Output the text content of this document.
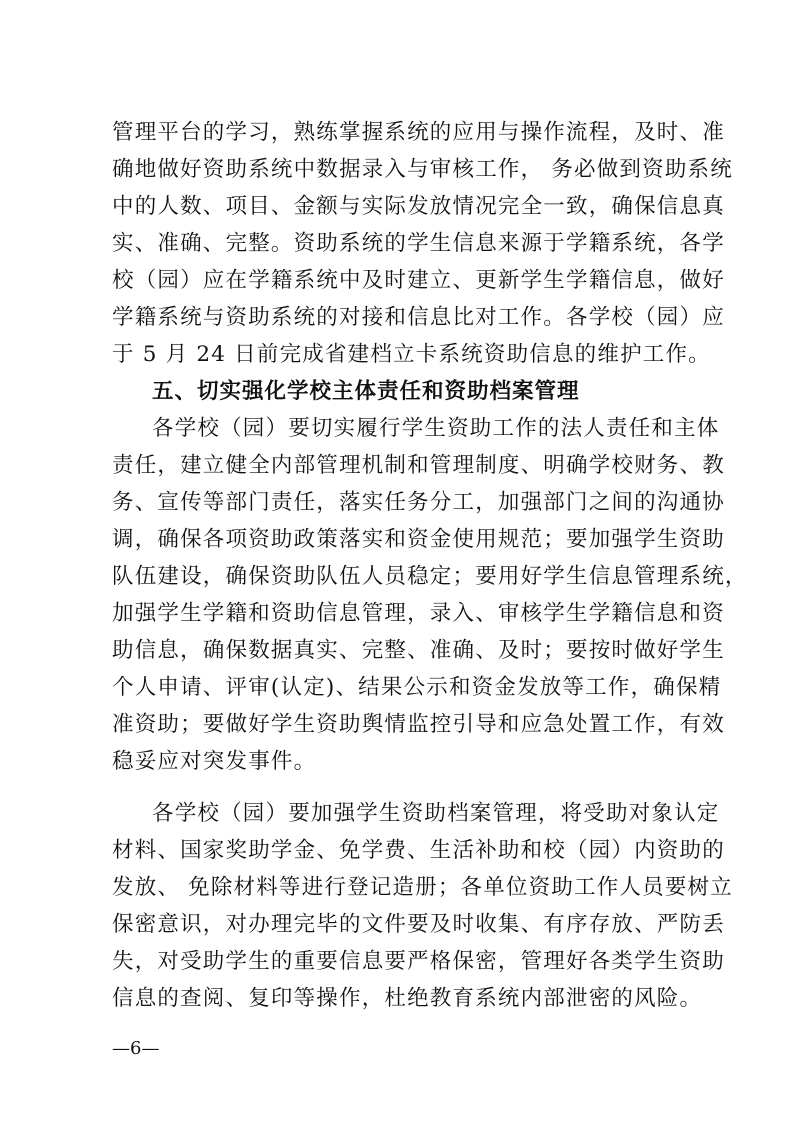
管理平台的学习，熟练掌握系统的应用与操作流程，及时、准
确地做好资助系统中数据录入与审核工作， 务必做到资助系统
中的人数、项目、金额与实际发放情况完全一致，确保信息真
实、准确、完整。资助系统的学生信息来源于学籍系统，各学
校（园）应在学籍系统中及时建立、更新学生学籍信息，做好
学籍系统与资助系统的对接和信息比对工作。各学校（园）应
于 5 月 24 日前完成省建档立卡系统资助信息的维护工作。
五、切实强化学校主体责任和资助档案管理
各学校（园）要切实履行学生资助工作的法人责任和主体
责任，建立健全内部管理机制和管理制度、明确学校财务、教
务、宣传等部门责任，落实任务分工，加强部门之间的沟通协
调，确保各项资助政策落实和资金使用规范；要加强学生资助
队伍建设，确保资助队伍人员稳定；要用好学生信息管理系统，
加强学生学籍和资助信息管理，录入、审核学生学籍信息和资
助信息，确保数据真实、完整、准确、及时；要按时做好学生
个人申请、评审(认定)、结果公示和资金发放等工作，确保精
准资助；要做好学生资助舆情监控引导和应急处置工作，有效
稳妥应对突发事件。
各学校（园）要加强学生资助档案管理，将受助对象认定
材料、国家奖助学金、免学费、生活补助和校（园）内资助的
发放、 免除材料等进行登记造册；各单位资助工作人员要树立
保密意识，对办理完毕的文件要及时收集、有序存放、严防丢
失，对受助学生的重要信息要严格保密，管理好各类学生资助
信息的查阅、复印等操作，杜绝教育系统内部泄密的风险。
—6—
